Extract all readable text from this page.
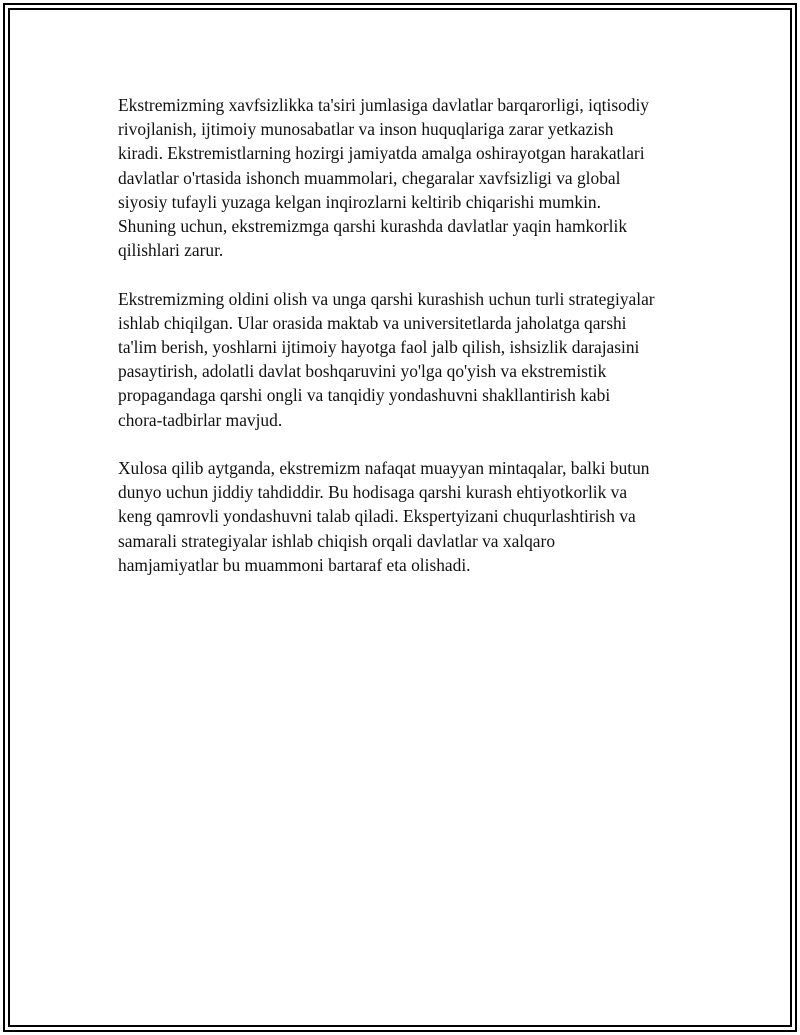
Ekstremizming xavfsizlikka ta'siri jumlasiga davlatlar barqarorligi, iqtisodiy
rivojlanish, ijtimoiy munosabatlar va inson huquqlariga zarar yetkazish
kiradi. Ekstremistlarning hozirgi jamiyatda amalga oshirayotgan harakatlari
davlatlar o'rtasida ishonch muammolari, chegaralar xavfsizligi va global
siyosiy tufayli yuzaga kelgan inqirozlarni keltirib chiqarishi mumkin.
Shuning uchun, ekstremizmga qarshi kurashda davlatlar yaqin hamkorlik
qilishlari zarur.

Ekstremizming oldini olish va unga qarshi kurashish uchun turli strategiyalar
ishlab chiqilgan. Ular orasida maktab va universitetlarda jaholatga qarshi
ta'lim berish, yoshlarni ijtimoiy hayotga faol jalb qilish, ishsizlik darajasini
pasaytirish, adolatli davlat boshqaruvini yo'lga qo'yish va ekstremistik
propagandaga qarshi ongli va tanqidiy yondashuvni shakllantirish kabi
chora-tadbirlar mavjud.

Xulosa qilib aytganda, ekstremizm nafaqat muayyan mintaqalar, balki butun
dunyo uchun jiddiy tahdiddir. Bu hodisaga qarshi kurash ehtiyotkorlik va
keng qamrovli yondashuvni talab qiladi. Ekspertyizani chuqurlashtirish va
samarali strategiyalar ishlab chiqish orqali davlatlar va xalqaro
hamjamiyatlar bu muammoni bartaraf eta olishadi.
